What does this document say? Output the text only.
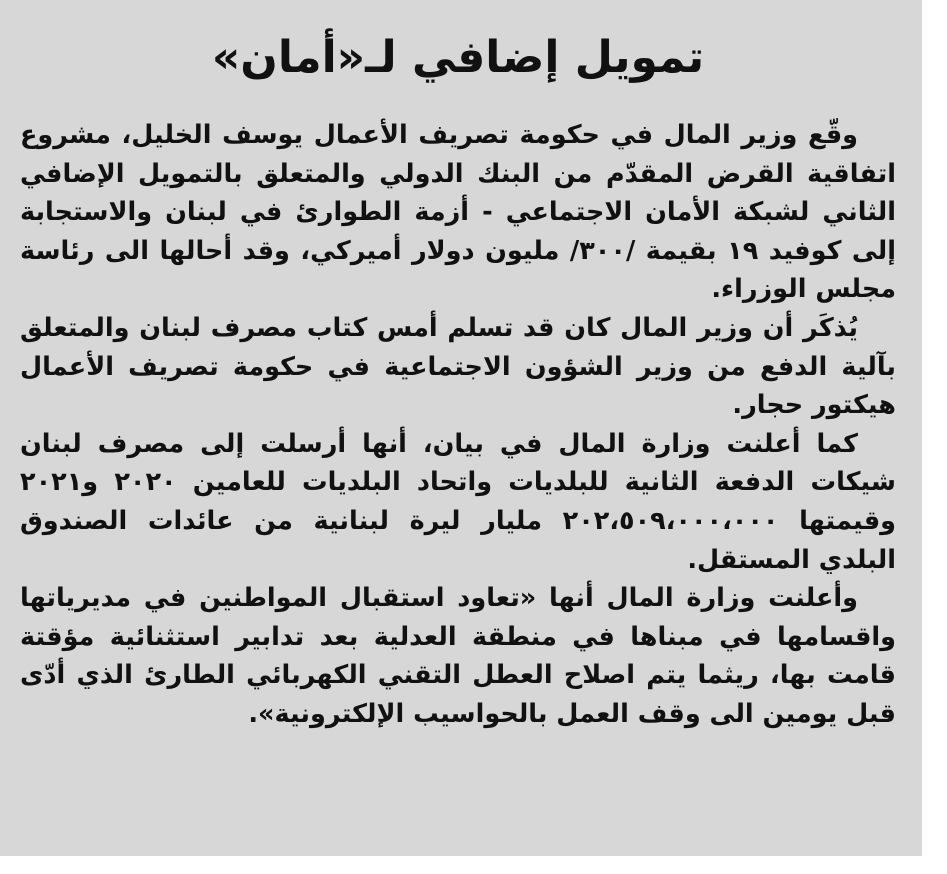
تمويل إضافي لـ«أمان»

وقّع وزير المال في حكومة تصريف الأعمال يوسف الخليل، مشروع اتفاقية القرض المقدّم من البنك الدولي والمتعلق بالتمويل الإضافي الثاني لشبكة الأمان الاجتماعي - أزمة الطوارئ في لبنان والاستجابة إلى كوفيد ١٩ بقيمة /٣٠٠/ مليون دولار أميركي، وقد أحالها الى رئاسة مجلس الوزراء.

يُذكَر أن وزير المال كان قد تسلم أمس كتاب مصرف لبنان والمتعلق بآلية الدفع من وزير الشؤون الاجتماعية في حكومة تصريف الأعمال هيكتور حجار.

كما أعلنت وزارة المال في بيان، أنها أرسلت إلى مصرف لبنان شيكات الدفعة الثانية للبلديات واتحاد البلديات للعامين ٢٠٢٠ و٢٠٢١ وقيمتها ٢٠٢،٥٠٩،٠٠٠،٠٠٠ مليار ليرة لبنانية من عائدات الصندوق البلدي المستقل.

وأعلنت وزارة المال أنها «تعاود استقبال المواطنين في مديرياتها واقسامها في مبناها في منطقة العدلية بعد تدابير استثنائية مؤقتة قامت بها، ريثما يتم اصلاح العطل التقني الكهربائي الطارئ الذي أدّى قبل يومين الى وقف العمل بالحواسيب الإلكترونية».
